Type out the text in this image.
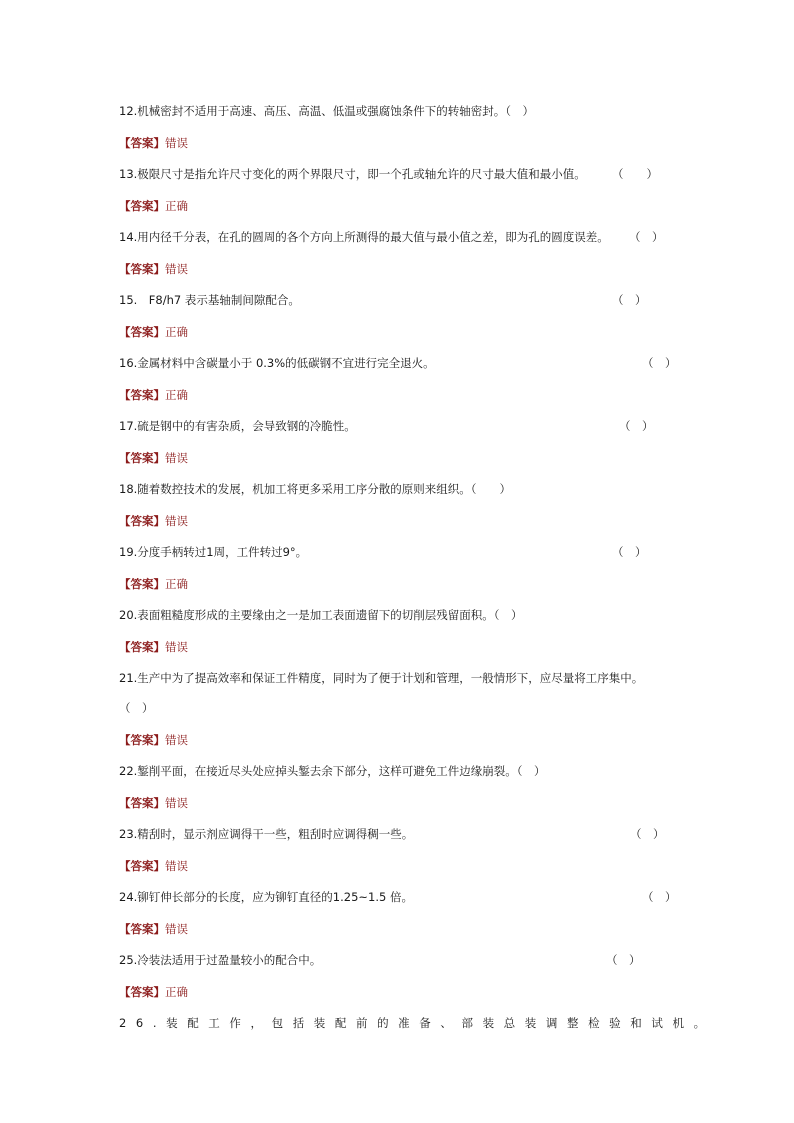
12.机械密封不适用于高速、高压、高温、低温或强腐蚀条件下的转轴密封。（　）
【答案】错误
13.极限尺寸是指允许尺寸变化的两个界限尺寸，即一个孔或轴允许的尺寸最大值和最小值。 （　　）
【答案】正确
14.用内径千分表，在孔的圆周的各个方向上所测得的最大值与最小值之差，即为孔的圆度误差。 （　）
【答案】错误
15.　F8/h7 表示基轴制间隙配合。	（　）
【答案】正确
16.金属材料中含碳量小于 0.3%的低碳钢不宜进行完全退火。	（　）
【答案】正确
17.硫是钢中的有害杂质，会导致钢的冷脆性。	（　）
【答案】错误
18.随着数控技术的发展，机加工将更多采用工序分散的原则来组织。（　　）
【答案】错误
19.分度手柄转过1周，工件转过9°。	（　）
【答案】正确
20.表面粗糙度形成的主要缘由之一是加工表面遗留下的切削层残留面积。（　）
【答案】错误
21.生产中为了提高效率和保证工件精度，同时为了便于计划和管理，一般情形下，应尽量将工序集中。
（　）
【答案】错误
22.錾削平面，在接近尽头处应掉头錾去余下部分，这样可避免工件边缘崩裂。（　）
【答案】错误
23.精刮时，显示剂应调得干一些，粗刮时应调得稠一些。	（　）
【答案】错误
24.铆钉伸长部分的长度，应为铆钉直径的1.25~1.5 倍。	（　）
【答案】错误
25.冷装法适用于过盈量较小的配合中。	（　）
【答案】正确
26.装配工作，包括装配前的准备、部装总装调整检验和试机。
